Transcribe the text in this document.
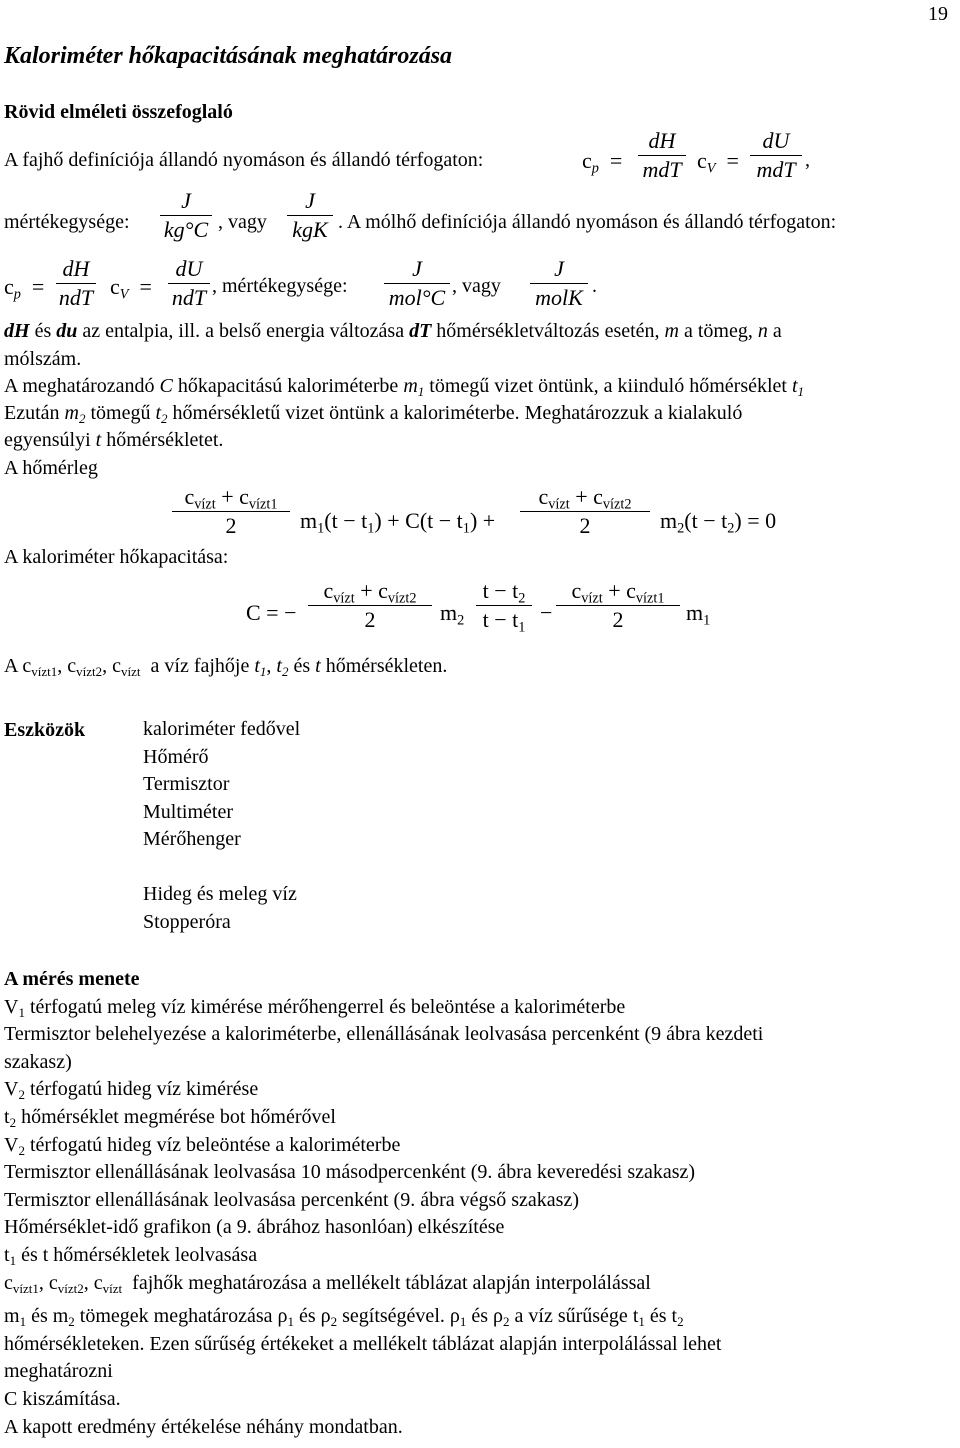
19
Kaloriméter hőkapacitásának meghatározása
Rövid elméleti összefoglaló
A fajhő definíciója állandó nyomáson és állandó térfogaton:	$c_p$  =
dH
mdT $c_V$  =
dU
mdT ,
mértékegysége:
J
kg°C , vagy
J
kgK . A mólhő definíciója állandó nyomáson és állandó térfogaton:
$c_p$  =
dH
ndT $c_V$  =
dU
ndT , mértékegysége:
J
mol°C , vagy
J
molK .
dH és du az entalpia, ill. a belső energia változása dT hőmérsékletváltozás esetén, m a tömeg, n a
mólszám.
A meghatározandó C hőkapacitású kaloriméterbe $m_1$ tömegű vizet öntünk, a kiinduló hőmérséklet $t_1$
Ezután $m_2$ tömegű $t_2$ hőmérsékletű vizet öntünk a kaloriméterbe. Meghatározzuk a kialakuló
egyensúlyi t hőmérsékletet.
A hőmérleg
$c_{vízt} + c_{vízt1}$
2	$m_1(t - t_1) + C(t - t_1)$ +
$c_{vízt} + c_{vízt2}$
2	$m_2(t - t_2) = 0$
A kaloriméter hőkapacitása:
C = −
$c_{vízt} + c_{vízt2}$
2	$m_2$
$t - t_2$
$t - t_1$
−
$c_{vízt} + c_{vízt1}$
2	$m_1$
A $c_{vízt1}$, $c_{vízt2}$, $c_{vízt}$ a víz fajhője $t_1$, $t_2$ és t hőmérsékleten.
Eszközök	kaloriméter fedővel
Hőmérő
Termisztor
Multiméter
Mérőhenger
Hideg és meleg víz
Stopperóra
A mérés menete
$V_1$ térfogatú meleg víz kimérése mérőhengerrel és beleöntése a kaloriméterbe
Termisztor belehelyezése a kaloriméterbe, ellenállásának leolvasása percenként (9 ábra kezdeti
szakasz)
$V_2$ térfogatú hideg víz kimérése
$t_2$ hőmérséklet megmérése bot hőmérővel
$V_2$ térfogatú hideg víz beleöntése a kaloriméterbe
Termisztor ellenállásának leolvasása 10 másodpercenként (9. ábra keveredési szakasz)
Termisztor ellenállásának leolvasása percenként (9. ábra végső szakasz)
Hőmérséklet-idő grafikon (a 9. ábrához hasonlóan) elkészítése
$t_1$ és t hőmérsékletek leolvasása
$c_{vízt1}$, $c_{vízt2}$, $c_{vízt}$ fajhők meghatározása a mellékelt táblázat alapján interpolálással
$m_1$ és $m_2$ tömegek meghatározása $\rho_1$ és $\rho_2$ segítségével. $\rho_1$ és $\rho_2$ a víz sűrűsége $t_1$ és $t_2$
hőmérsékleteken. Ezen sűrűség értékeket a mellékelt táblázat alapján interpolálással lehet
meghatározni
C kiszámítása.
A kapott eredmény értékelése néhány mondatban.
